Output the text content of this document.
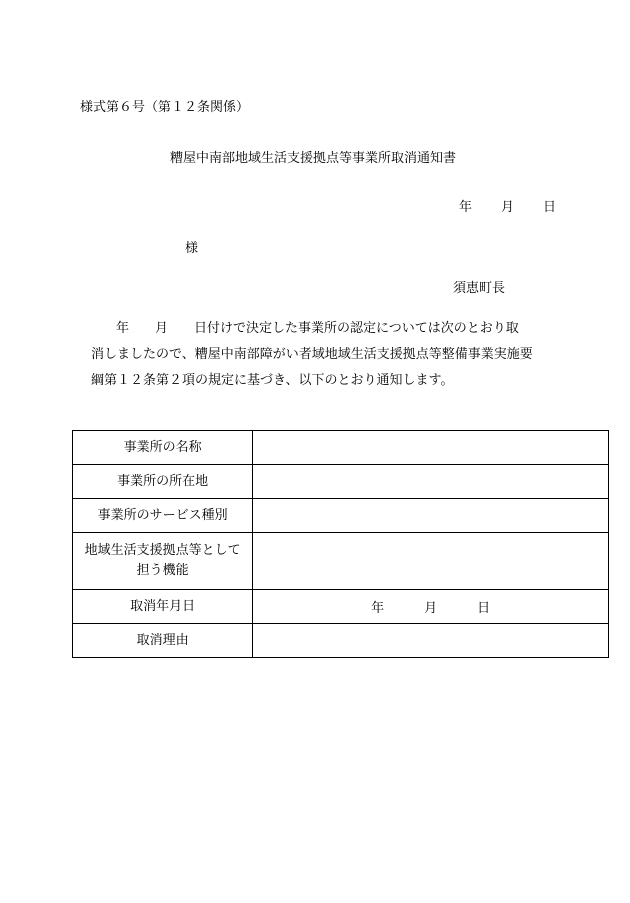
様式第６号（第１２条関係）
糟屋中南部地域生活支援拠点等事業所取消通知書
年 月 日
様
須恵町長
　年　　月　　日付けで決定した事業所の認定については次のとおり取
消しましたので、糟屋中南部障がい者域地域生活支援拠点等整備事業実施要
綱第１２条第２項の規定に基づき、以下のとおり通知します。
事業所の名称	
事業所の所在地	
事業所のサービス種別	

地域生活支援拠点等として
担う機能	

取消年月日	年 月 日
取消理由	
